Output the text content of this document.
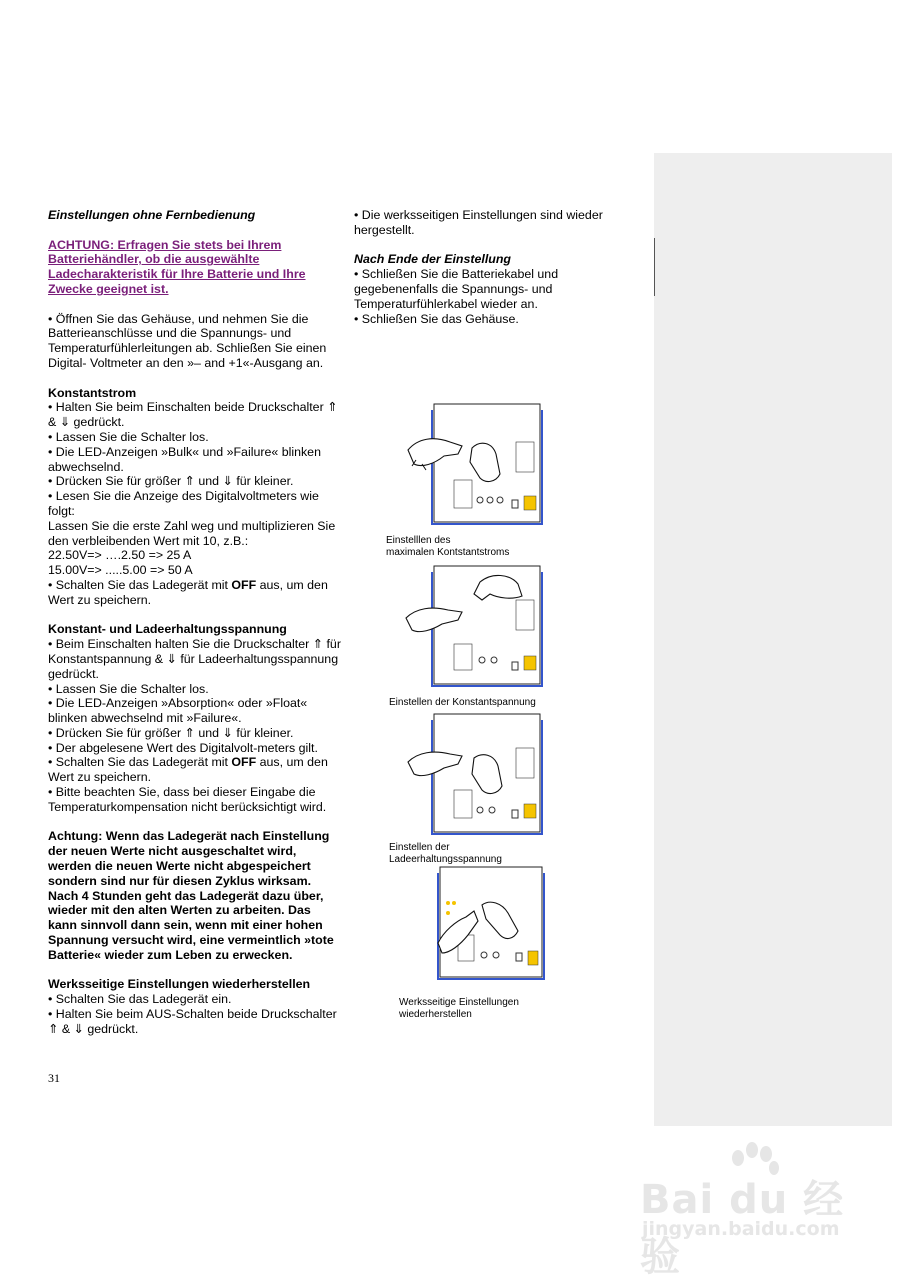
Einstellungen ohne Fernbedienung

ACHTUNG: Erfragen Sie stets bei Ihrem Batteriehändler, ob die ausgewählte Ladecharakteristik für Ihre Batterie und Ihre Zwecke geeignet ist.

• Öffnen Sie das Gehäuse, und nehmen Sie die Batterieanschlüsse und die Spannungs- und Temperaturfühlerleitungen ab. Schließen Sie einen Digital- Voltmeter an den »– and +1«-Ausgang an.

Konstantstrom

• Halten Sie beim Einschalten beide Druckschalter ⇑ & ⇓ gedrückt.

• Lassen Sie die Schalter los.

• Die LED-Anzeigen »Bulk« und »Failure« blinken abwechselnd.

• Drücken Sie für größer ⇑ und ⇓ für kleiner.

• Lesen Sie die Anzeige des Digitalvoltmeters wie folgt:

Lassen Sie die erste Zahl weg und multiplizieren Sie den verbleibenden Wert mit 10, z.B.:

22.50V=> ….2.50 => 25 A

15.00V=> .....5.00 => 50 A

• Schalten Sie das Ladegerät mit OFF aus, um den Wert zu speichern.

Konstant- und Ladeerhaltungsspannung

• Beim Einschalten halten Sie die Druckschalter ⇑ für Konstantspannung & ⇓ für Ladeerhaltungsspannung gedrückt.

• Lassen Sie die Schalter los.

• Die LED-Anzeigen »Absorption« oder »Float« blinken abwechselnd mit »Failure«.

• Drücken Sie für größer ⇑ und ⇓ für kleiner.

• Der abgelesene Wert des Digitalvolt-meters gilt.

• Schalten Sie das Ladegerät mit OFF aus, um den Wert zu speichern.

• Bitte beachten Sie, dass bei dieser Eingabe die Temperaturkompensation nicht berücksichtigt wird.

Achtung: Wenn das Ladegerät nach Einstellung der neuen Werte nicht ausgeschaltet wird, werden die neuen Werte nicht abgespeichert sondern sind nur für diesen Zyklus wirksam. Nach 4 Stunden geht das Ladegerät dazu über, wieder mit den alten Werten zu arbeiten. Das kann sinnvoll dann sein, wenn mit einer hohen Spannung versucht wird, eine vermeintlich »tote Batterie« wieder zum Leben zu erwecken.

Werksseitige Einstellungen wiederherstellen

• Schalten Sie das Ladegerät ein.

• Halten Sie beim AUS-Schalten beide Druckschalter ⇑ & ⇓ gedrückt.

• Die werksseitigen Einstellungen sind wieder hergestellt.

Nach Ende der Einstellung

• Schließen Sie die Batteriekabel und gegebenenfalls die Spannungs- und Temperaturfühlerkabel wieder an.

• Schließen Sie das Gehäuse.

Einstelllen des
maximalen Kontstantstroms
Einstellen der Konstantspannung
Einstellen der
Ladeerhaltungsspannung
Werksseitige Einstellungen
wiederherstellen
31
Bai du 经验
jingyan.baidu.com
